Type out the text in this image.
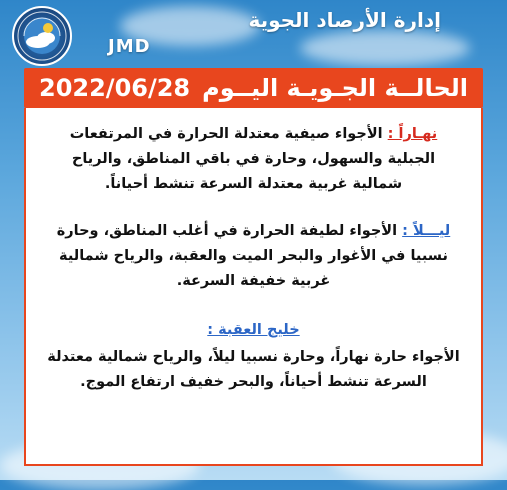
إدارة الأرصاد الجوية
JMD
الحالــة الجـويـة اليــوم
2022/06/28
نهـاراً : الأجواء صيفية معتدلة الحرارة في المرتفعات الجبلية والسهول، وحارة في باقي المناطق، والرياح شمالية غربية معتدلة السرعة تنشط أحياناً.
ليـــلاً : الأجواء لطيفة الحرارة في أغلب المناطق، وحارة نسبيا في الأغوار والبحر الميت والعقبة، والرياح شمالية غربية خفيفة السرعة.
خليج العقبة :
الأجواء حارة نهاراً، وحارة نسبيا ليلاً، والرياح شمالية معتدلة السرعة تنشط أحياناً، والبحر خفيف ارتفاع الموج.
